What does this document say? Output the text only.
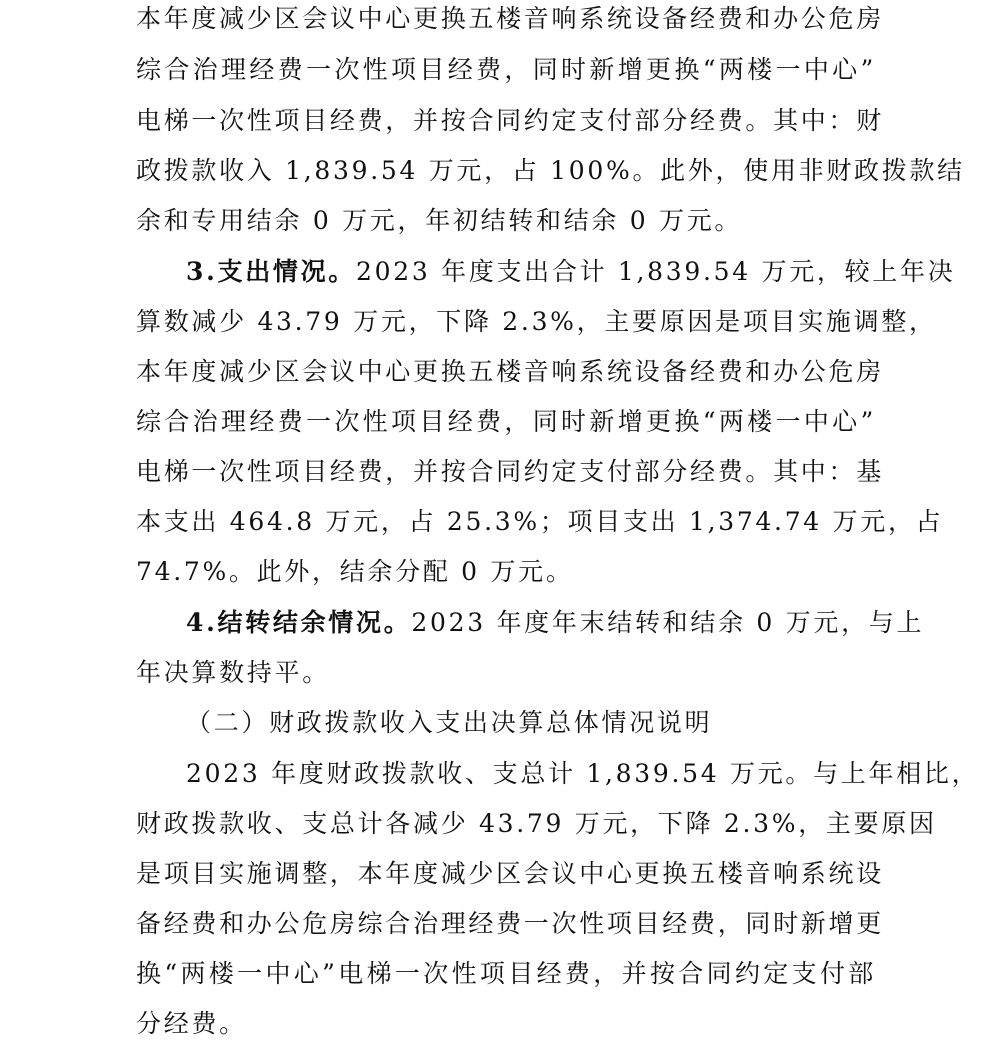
本年度减少区会议中心更换五楼音响系统设备经费和办公危房
综合治理经费一次性项目经费，同时新增更换“两楼一中心”
电梯一次性项目经费，并按合同约定支付部分经费。其中：财
政拨款收入 1,839.54 万元，占 100%。此外，使用非财政拨款结
余和专用结余 0 万元，年初结转和结余 0 万元。
3.支出情况。2023 年度支出合计 1,839.54 万元，较上年决
算数减少 43.79 万元，下降 2.3%，主要原因是项目实施调整，
本年度减少区会议中心更换五楼音响系统设备经费和办公危房
综合治理经费一次性项目经费，同时新增更换“两楼一中心”
电梯一次性项目经费，并按合同约定支付部分经费。其中：基
本支出 464.8 万元，占 25.3%；项目支出 1,374.74 万元，占
74.7%。此外，结余分配 0 万元。
4.结转结余情况。2023 年度年末结转和结余 0 万元，与上
年决算数持平。
（二）财政拨款收入支出决算总体情况说明
2023 年度财政拨款收、支总计 1,839.54 万元。与上年相比，
财政拨款收、支总计各减少 43.79 万元，下降 2.3%，主要原因
是项目实施调整，本年度减少区会议中心更换五楼音响系统设
备经费和办公危房综合治理经费一次性项目经费，同时新增更
换“两楼一中心”电梯一次性项目经费，并按合同约定支付部
分经费。
